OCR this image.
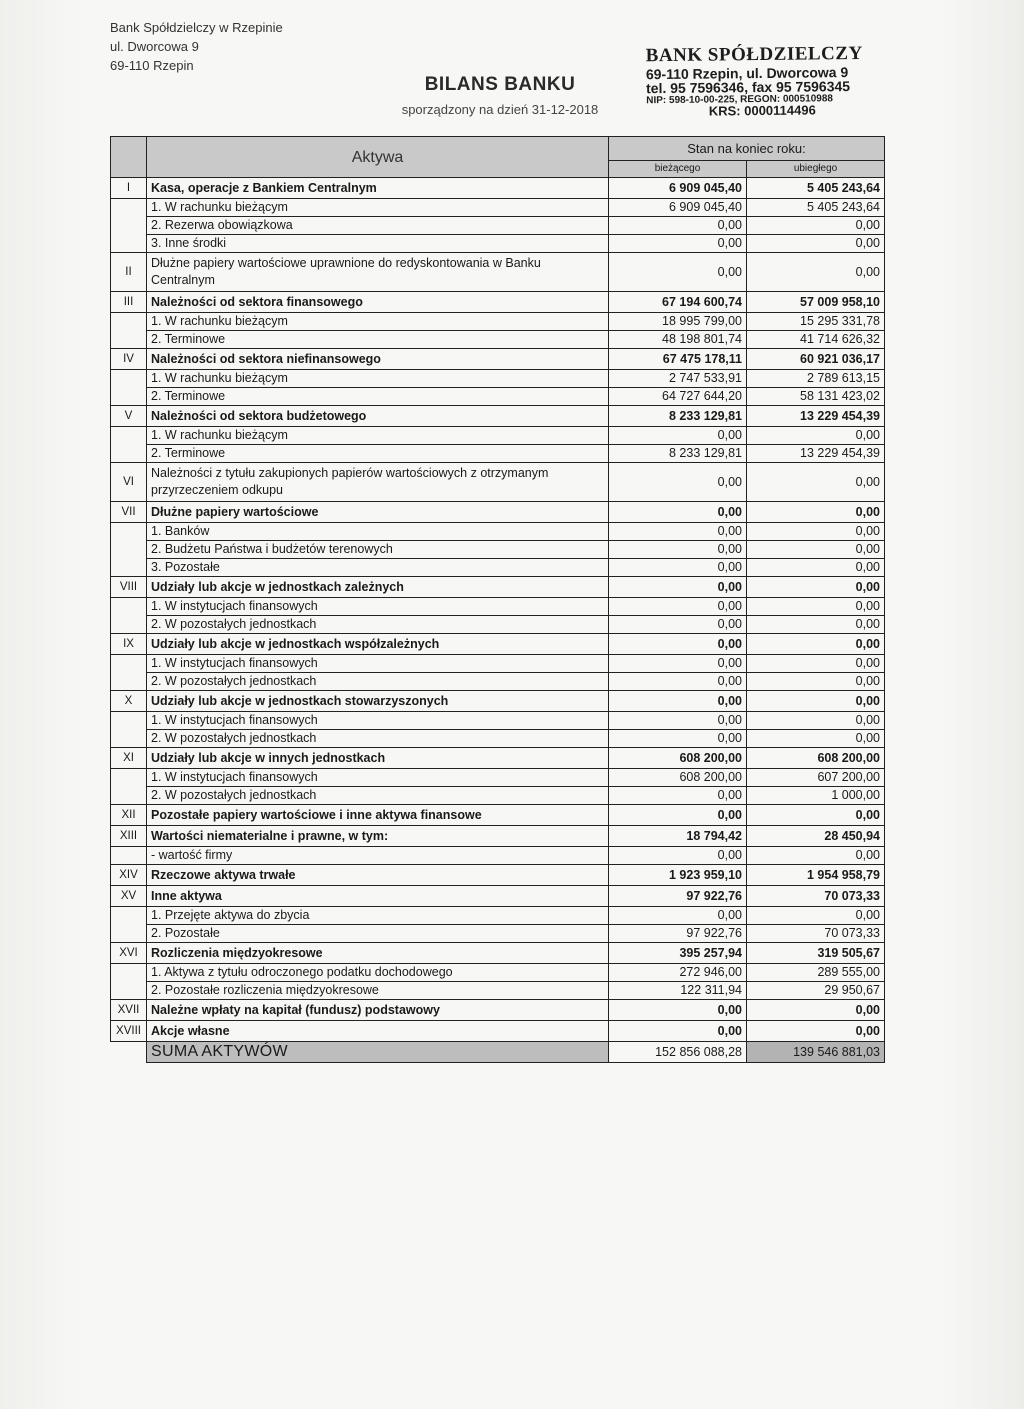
Bank Spółdzielczy w Rzepinie
ul. Dworcowa 9
69-110 Rzepin
BILANS BANKU
sporządzony na dzień 31-12-2018
BANK SPÓŁDZIELCZY
69-110 Rzepin, ul. Dworcowa 9
tel. 95 7596346, fax 95 7596345
NIP: 598-10-00-225, REGON: 000510988
KRS: 0000114496
	Aktywa	Stan na koniec roku:	
		bieżącego	ubiegłego
I	Kasa, operacje z Bankiem Centralnym	6 909 045,40	5 405 243,64
	1. W rachunku bieżącym	6 909 045,40	5 405 243,64
	2. Rezerwa obowiązkowa	0,00	0,00
	3. Inne środki	0,00	0,00
II	Dłużne papiery wartościowe uprawnione do redyskontowania w Banku Centralnym	0,00	0,00
III	Należności od sektora finansowego	67 194 600,74	57 009 958,10
	1. W rachunku bieżącym	18 995 799,00	15 295 331,78
	2. Terminowe	48 198 801,74	41 714 626,32
IV	Należności od sektora niefinansowego	67 475 178,11	60 921 036,17
	1. W rachunku bieżącym	2 747 533,91	2 789 613,15
	2. Terminowe	64 727 644,20	58 131 423,02
V	Należności od sektora budżetowego	8 233 129,81	13 229 454,39
	1. W rachunku bieżącym	0,00	0,00
	2. Terminowe	8 233 129,81	13 229 454,39
VI	Należności z tytułu zakupionych papierów wartościowych z otrzymanym przyrzeczeniem odkupu	0,00	0,00
VII	Dłużne papiery wartościowe	0,00	0,00
	1. Banków	0,00	0,00
	2. Budżetu Państwa i budżetów terenowych	0,00	0,00
	3. Pozostałe	0,00	0,00
VIII	Udziały lub akcje w jednostkach zależnych	0,00	0,00
	1. W instytucjach finansowych	0,00	0,00
	2. W pozostałych jednostkach	0,00	0,00
IX	Udziały lub akcje w jednostkach współzależnych	0,00	0,00
	1. W instytucjach finansowych	0,00	0,00
	2. W pozostałych jednostkach	0,00	0,00
X	Udziały lub akcje w jednostkach stowarzyszonych	0,00	0,00
	1. W instytucjach finansowych	0,00	0,00
	2. W pozostałych jednostkach	0,00	0,00
XI	Udziały lub akcje w innych jednostkach	608 200,00	608 200,00
	1. W instytucjach finansowych	608 200,00	607 200,00
	2. W pozostałych jednostkach	0,00	1 000,00
XII	Pozostałe papiery wartościowe i inne aktywa finansowe	0,00	0,00
XIII	Wartości niematerialne i prawne, w tym:	18 794,42	28 450,94
	- wartość firmy	0,00	0,00
XIV	Rzeczowe aktywa trwałe	1 923 959,10	1 954 958,79
XV	Inne aktywa	97 922,76	70 073,33
	1. Przejęte aktywa do zbycia	0,00	0,00
	2. Pozostałe	97 922,76	70 073,33
XVI	Rozliczenia międzyokresowe	395 257,94	319 505,67
	1. Aktywa z tytułu odroczonego podatku dochodowego	272 946,00	289 555,00
	2. Pozostałe rozliczenia międzyokresowe	122 311,94	29 950,67
XVII	Należne wpłaty na kapitał (fundusz) podstawowy	0,00	0,00
XVIII	Akcje własne	0,00	0,00
	SUMA AKTYWÓW	152 856 088,28	139 546 881,03
